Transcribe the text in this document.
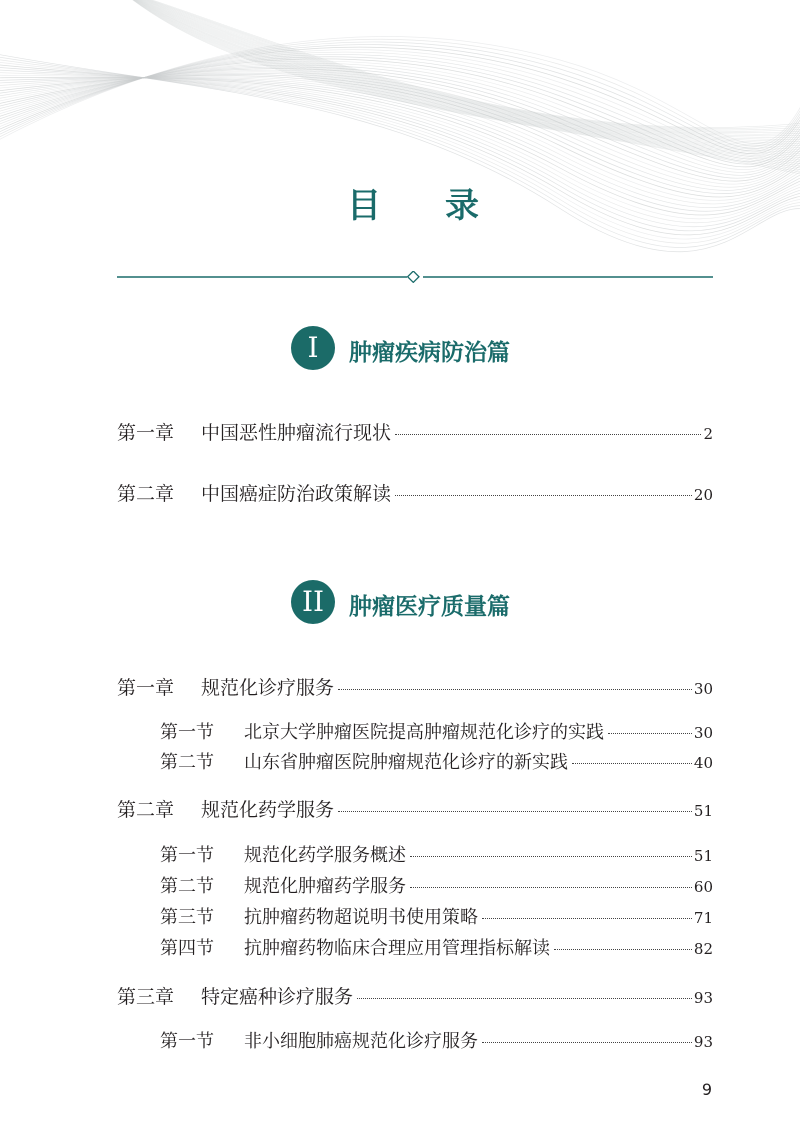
目 录
I	肿瘤疾病防治篇
第一章	中国恶性肿瘤流行现状	2
第二章	中国癌症防治政策解读	20
II	肿瘤医疗质量篇
第一章	规范化诊疗服务	30
第一节	北京大学肿瘤医院提高肿瘤规范化诊疗的实践	30
第二节	山东省肿瘤医院肿瘤规范化诊疗的新实践	40
第二章	规范化药学服务	51
第一节	规范化药学服务概述	51
第二节	规范化肿瘤药学服务	60
第三节	抗肿瘤药物超说明书使用策略	71
第四节	抗肿瘤药物临床合理应用管理指标解读	82
第三章	特定癌种诊疗服务	93
第一节	非小细胞肺癌规范化诊疗服务	93
9
